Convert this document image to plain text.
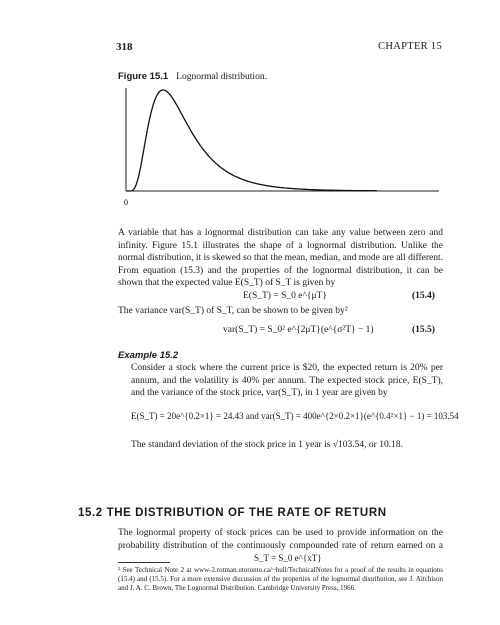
318	CHAPTER 15
Figure 15.1 Lognormal distribution.
0
A variable that has a lognormal distribution can take any value between zero and infinity. Figure 15.1 illustrates the shape of a lognormal distribution. Unlike the normal distribution, it is skewed so that the mean, median, and mode are all different. From equation (15.3) and the properties of the lognormal distribution, it can be shown that the expected value E(S_T) of S_T is given by
E(S_T) = S_0 e^{μT}	(15.4)
The variance var(S_T) of S_T, can be shown to be given by²
var(S_T) = S_0² e^{2μT}(e^{σ²T} − 1)	(15.5)
Example 15.2
Consider a stock where the current price is $20, the expected return is 20% per annum, and the volatility is 40% per annum. The expected stock price, E(S_T), and the variance of the stock price, var(S_T), in 1 year are given by
E(S_T) = 20e^{0.2×1} = 24.43 and var(S_T) = 400e^{2×0.2×1}(e^{0.4²×1} − 1) = 103.54
The standard deviation of the stock price in 1 year is √103.54, or 10.18.
15.2 THE DISTRIBUTION OF THE RATE OF RETURN
The lognormal property of stock prices can be used to provide information on the probability distribution of the continuously compounded rate of return earned on a
S_T = S_0 e^{xT}
² See Technical Note 2 at www-2.rotman.utoronto.ca/~hull/TechnicalNotes for a proof of the results in equations (15.4) and (15.5). For a more extensive discussion of the properties of the lognormal distribution, see J. Aitchison and J. A. C. Brown, The Lognormal Distribution. Cambridge University Press, 1966.
